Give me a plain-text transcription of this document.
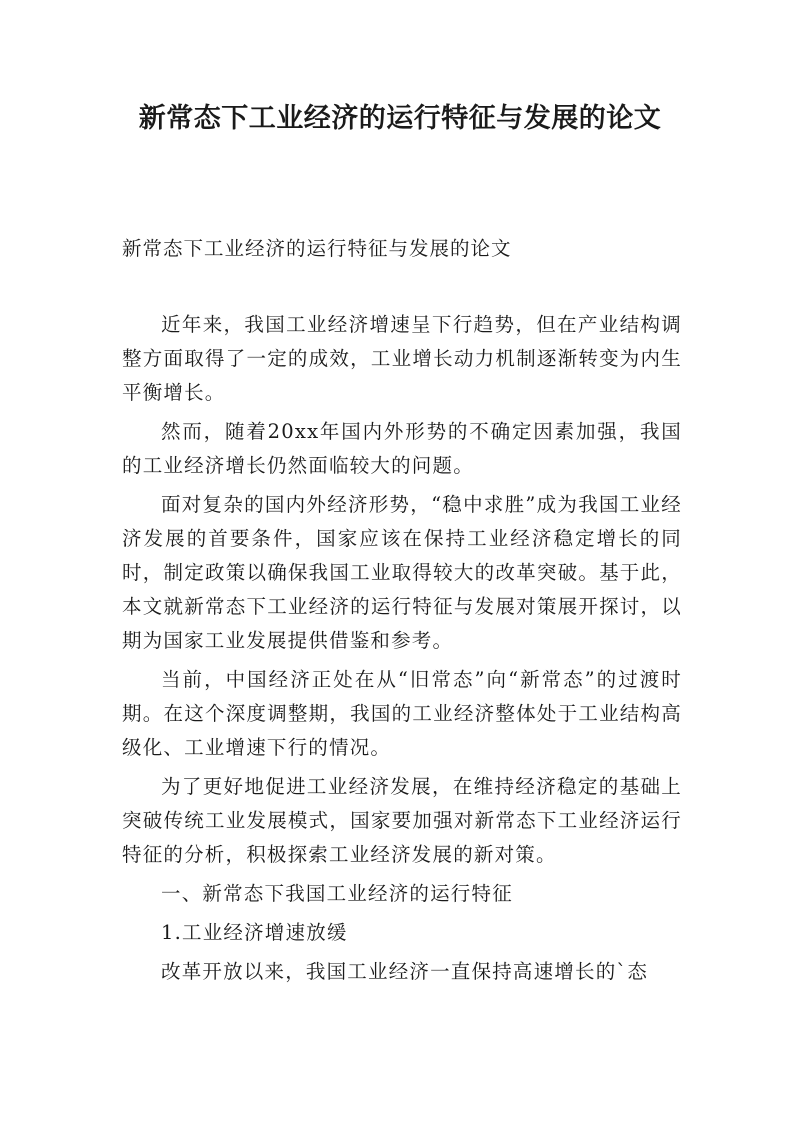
新常态下工业经济的运行特征与发展的论文
新常态下工业经济的运行特征与发展的论文

近年来，我国工业经济增速呈下行趋势，但在产业结构调整方面取得了一定的成效，工业增长动力机制逐渐转变为内生平衡增长。

然而，随着20xx年国内外形势的不确定因素加强，我国的工业经济增长仍然面临较大的问题。

面对复杂的国内外经济形势，“稳中求胜”成为我国工业经济发展的首要条件，国家应该在保持工业经济稳定增长的同时，制定政策以确保我国工业取得较大的改革突破。基于此，本文就新常态下工业经济的运行特征与发展对策展开探讨，以期为国家工业发展提供借鉴和参考。

当前，中国经济正处在从“旧常态”向“新常态”的过渡时期。在这个深度调整期，我国的工业经济整体处于工业结构高级化、工业增速下行的情况。

为了更好地促进工业经济发展，在维持经济稳定的基础上突破传统工业发展模式，国家要加强对新常态下工业经济运行特征的分析，积极探索工业经济发展的新对策。

一、新常态下我国工业经济的运行特征

1.工业经济增速放缓

改革开放以来，我国工业经济一直保持高速增长的`态
